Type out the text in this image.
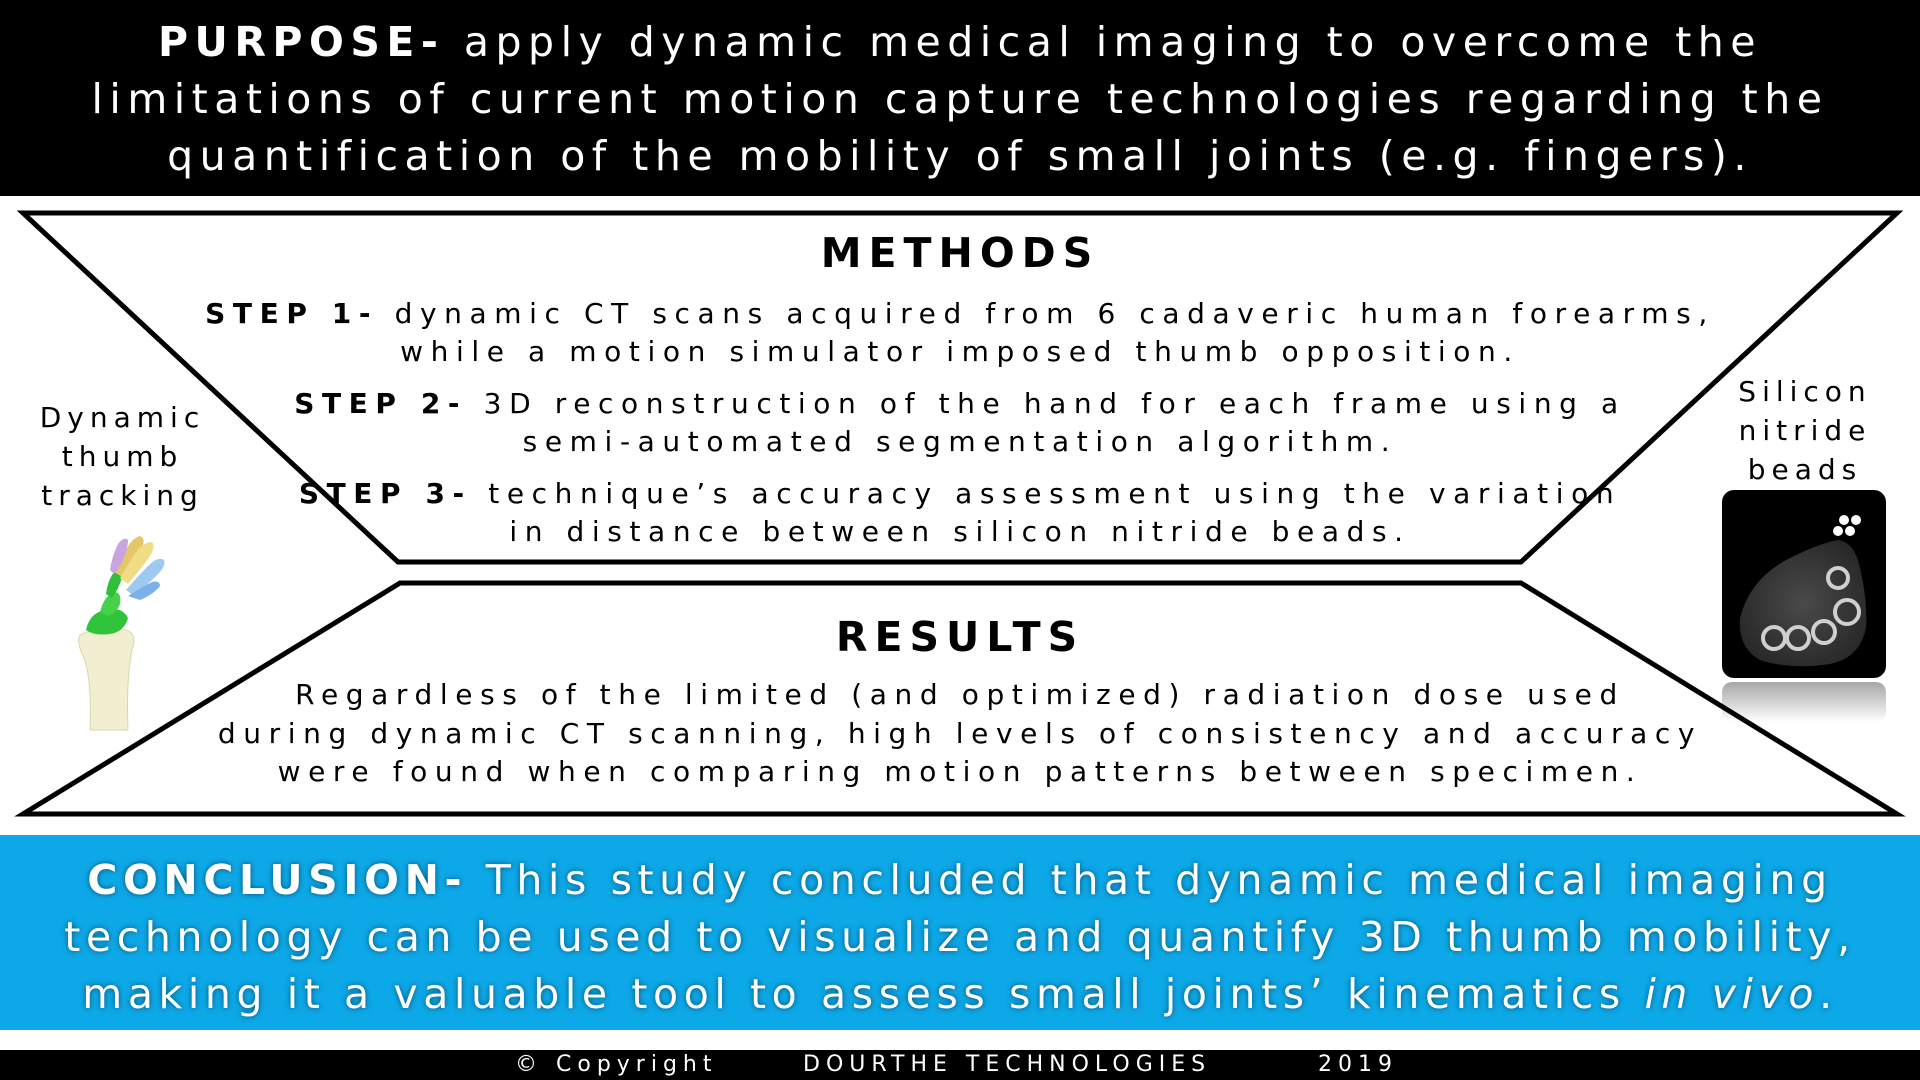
PURPOSE- apply dynamic medical imaging to overcome the
limitations of current motion capture technologies regarding the
quantification of the mobility of small joints (e.g. fingers).
METHODS
STEP 1- dynamic CT scans acquired from 6 cadaveric human forearms,
while a motion simulator imposed thumb opposition.
STEP 2- 3D reconstruction of the hand for each frame using a
semi-automated segmentation algorithm.
STEP 3- technique’s accuracy assessment using the variation
in distance between silicon nitride beads.
RESULTS
Regardless of the limited (and optimized) radiation dose used
during dynamic CT scanning, high levels of consistency and accuracy
were found when comparing motion patterns between specimen.
Dynamic
thumb
tracking
Silicon
nitride
beads
CONCLUSION- This study concluded that dynamic medical imaging
technology can be used to visualize and quantify 3D thumb mobility,
making it a valuable tool to assess small joints’ kinematics in vivo.
© Copyright	DOURTHE TECHNOLOGIES	2019
